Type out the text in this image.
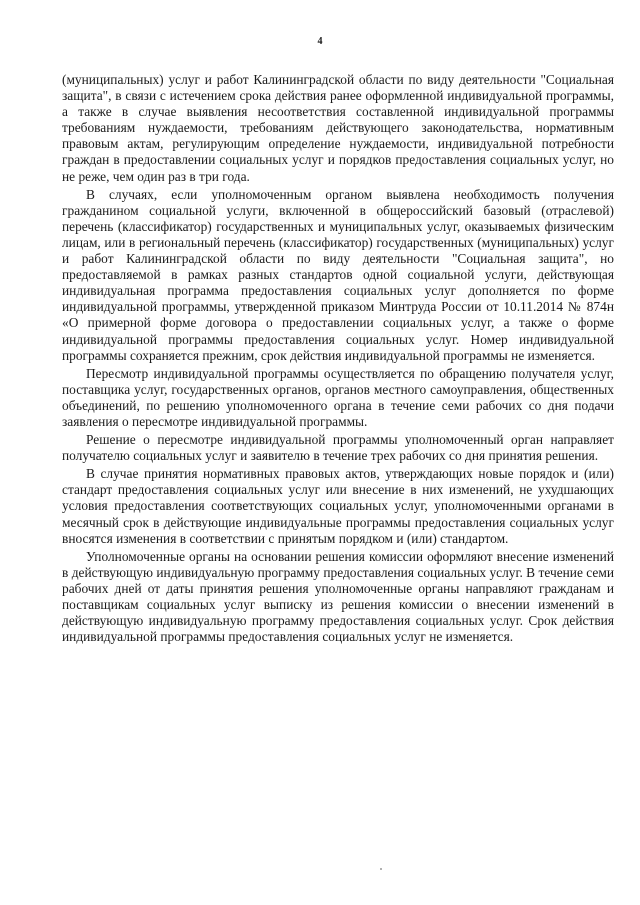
4

(муниципальных) услуг и работ Калининградской области по виду деятельности "Социальная защита", в связи с истечением срока действия ранее оформленной индивидуальной программы, а также в случае выявления несоответствия составленной индивидуальной программы требованиям нуждаемости, требованиям действующего законодательства, нормативным правовым актам, регулирующим определение нуждаемости, индивидуальной потребности граждан в предоставлении социальных услуг и порядков предоставления социальных услуг, но не реже, чем один раз в три года.

В случаях, если уполномоченным органом выявлена необходимость получения гражданином социальной услуги, включенной в общероссийский базовый (отраслевой) перечень (классификатор) государственных и муниципальных услуг, оказываемых физическим лицам, или в региональный перечень (классификатор) государственных (муниципальных) услуг и работ Калининградской области по виду деятельности "Социальная защита", но предоставляемой в рамках разных стандартов одной социальной услуги, действующая индивидуальная программа предоставления социальных услуг дополняется по форме индивидуальной программы, утвержденной приказом Минтруда России от 10.11.2014 № 874н «О примерной форме договора о предоставлении социальных услуг, а также о форме индивидуальной программы предоставления социальных услуг. Номер индивидуальной программы сохраняется прежним, срок действия индивидуальной программы не изменяется.

Пересмотр индивидуальной программы осуществляется по обращению получателя услуг, поставщика услуг, государственных органов, органов местного самоуправления, общественных объединений, по решению уполномоченного органа в течение семи рабочих со дня подачи заявления о пересмотре индивидуальной программы.

Решение о пересмотре индивидуальной программы уполномоченный орган направляет получателю социальных услуг и заявителю в течение трех рабочих со дня принятия решения.

В случае принятия нормативных правовых актов, утверждающих новые порядок и (или) стандарт предоставления социальных услуг или внесение в них изменений, не ухудшающих условия предоставления соответствующих социальных услуг, уполномоченными органами в месячный срок в действующие индивидуальные программы предоставления социальных услуг вносятся изменения в соответствии с принятым порядком и (или) стандартом.

Уполномоченные органы на основании решения комиссии оформляют внесение изменений в действующую индивидуальную программу предоставления социальных услуг. В течение семи рабочих дней от даты принятия решения уполномоченные органы направляют гражданам и поставщикам социальных услуг выписку из решения комиссии о внесении изменений в действующую индивидуальную программу предоставления социальных услуг. Срок действия индивидуальной программы предоставления социальных услуг не изменяется.
